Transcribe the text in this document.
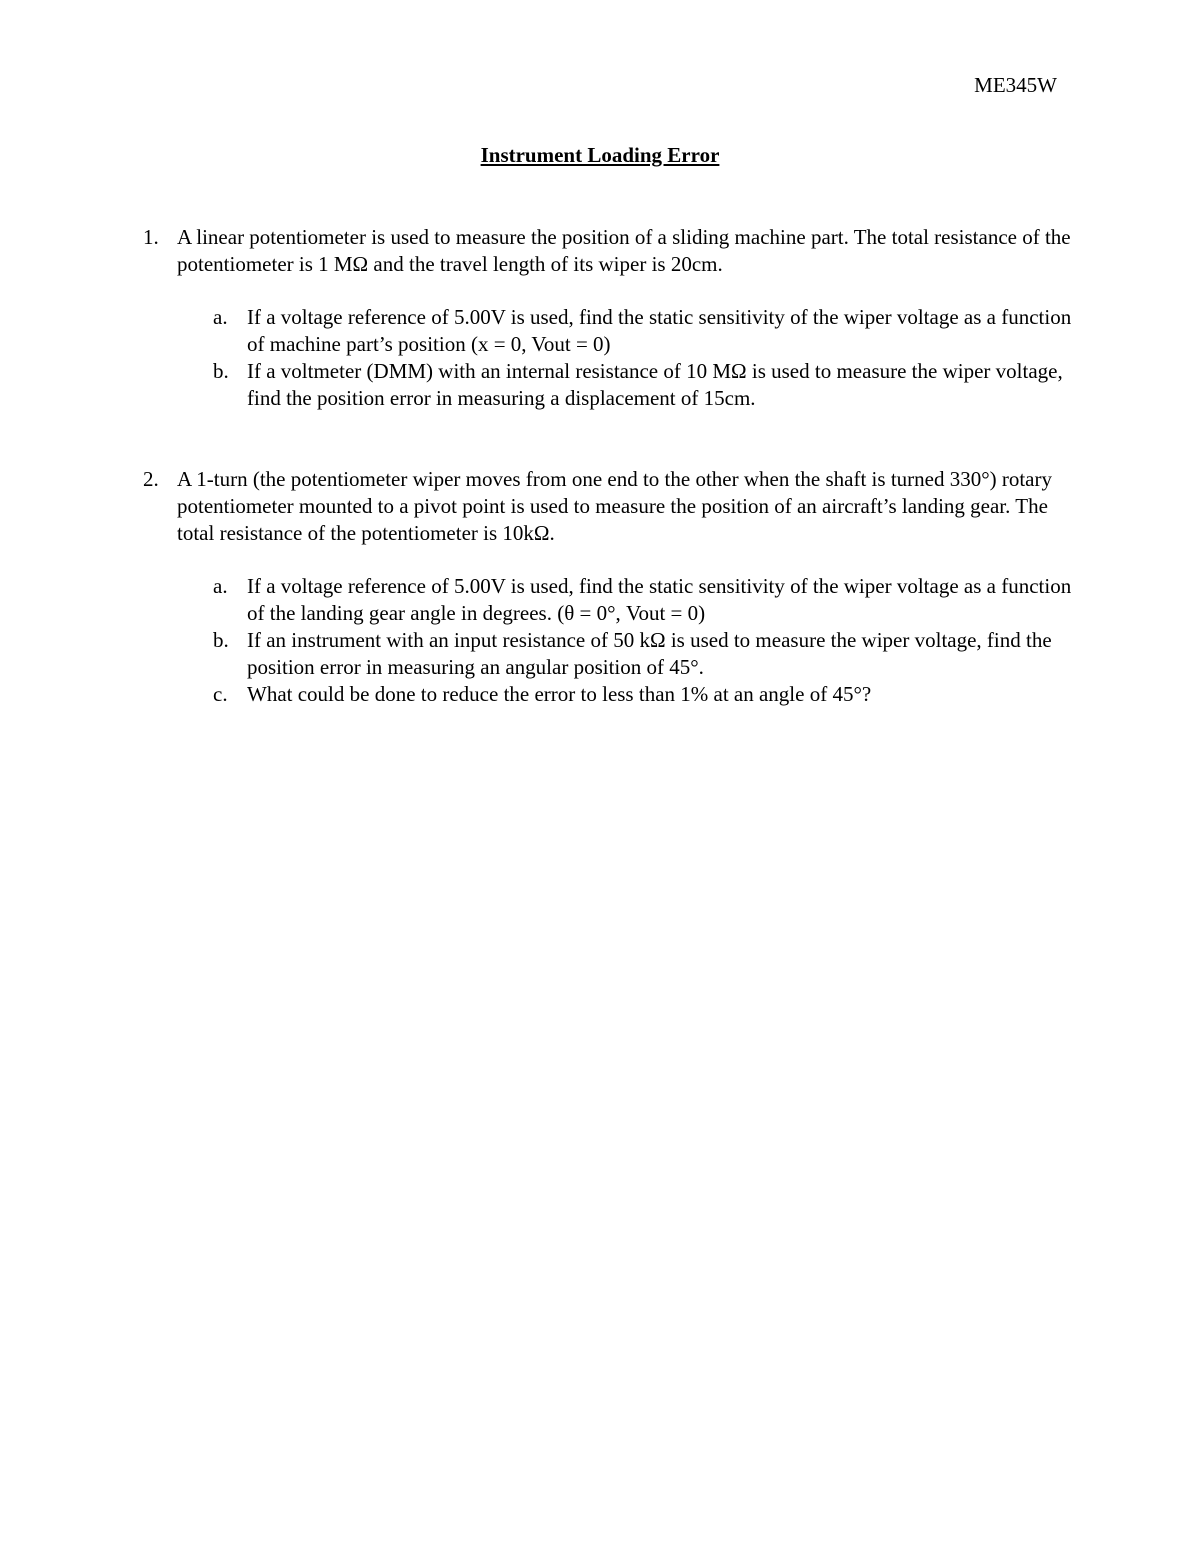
ME345W
Instrument Loading Error
1. A linear potentiometer is used to measure the position of a sliding machine part. The total resistance of the potentiometer is 1 MΩ and the travel length of its wiper is 20cm.
a. If a voltage reference of 5.00V is used, find the static sensitivity of the wiper voltage as a function of machine part’s position (x = 0, Vout = 0)
b. If a voltmeter (DMM) with an internal resistance of 10 MΩ is used to measure the wiper voltage, find the position error in measuring a displacement of 15cm.
2. A 1-turn (the potentiometer wiper moves from one end to the other when the shaft is turned 330°) rotary potentiometer mounted to a pivot point is used to measure the position of an aircraft’s landing gear. The total resistance of the potentiometer is 10kΩ.
a. If a voltage reference of 5.00V is used, find the static sensitivity of the wiper voltage as a function of the landing gear angle in degrees. (θ = 0°, Vout = 0)
b. If an instrument with an input resistance of 50 kΩ is used to measure the wiper voltage, find the position error in measuring an angular position of 45°.
c. What could be done to reduce the error to less than 1% at an angle of 45°?
